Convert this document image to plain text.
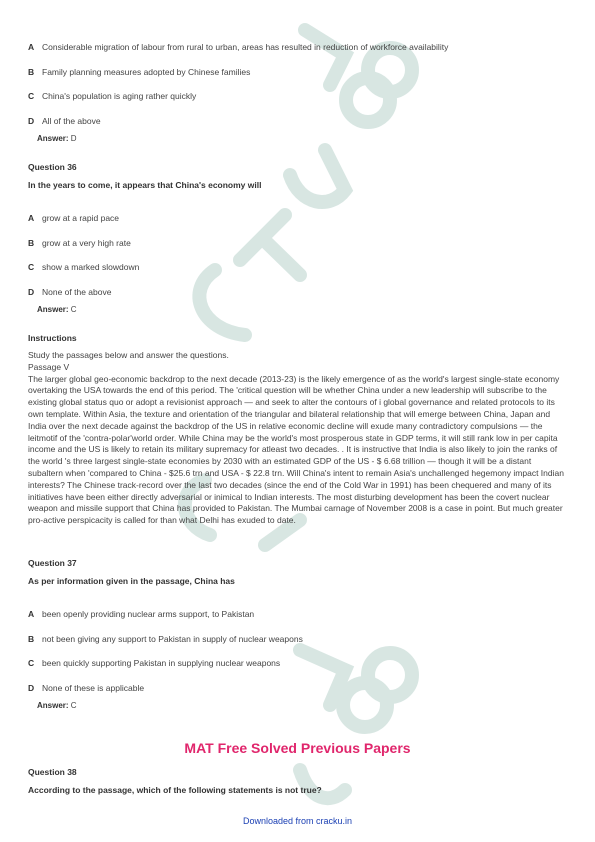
A Considerable migration of labour from rural to urban, areas has resulted in reduction of workforce availability
B Family planning measures adopted by Chinese families
C China's population is aging rather quickly
D All of the above
Answer: D
Question 36
In the years to come, it appears that China's economy will
A grow at a rapid pace
B grow at a very high rate
C show a marked slowdown
D None of the above
Answer: C
Instructions

Study the passages below and answer the questions.

Passage V

The larger global geo-economic backdrop to the next decade (2013-23) is the likely emergence of as the world's largest single-state economy overtaking the USA towards the end of this period. The 'critical question will be whether China under a new leadership will subscribe to the existing global status quo or adopt a revisionist approach — and seek to alter the contours of i global governance and related protocols to its own template. Within Asia, the texture and orientation of the triangular and bilateral relationship that will emerge between China, Japan and India over the next decade against the backdrop of the US in relative economic decline will exude many contradictory compulsions — the leitmotif of the 'contra-polar'world order. While China may be the world's most prosperous state in GDP terms, it will still rank low in per capita income and the US is likely to retain its military supremacy for atleast two decades. . It is instructive that India is also likely to join the ranks of the world 's three largest single-state economies by 2030 with an estimated GDP of the US - $ 6.68 trillion — though it will be a distant subaltern when 'compared to China - $25.6 trn and USA - $ 22.8 trn. Will China's intent to remain Asia's unchallenged hegemony impact Indian interests? The Chinese track-record over the last two decades (since the end of the Cold War in 1991) has been chequered and many of its initiatives have been either directly adversarial or inimical to Indian interests. The most disturbing development has been the covert nuclear weapon and missile support that China has provided to Pakistan. The Mumbai carnage of November 2008 is a case in point. But much greater pro-active perspicacity is called for than what Delhi has exuded to date.

Question 37
As per information given in the passage, China has
A been openly providing nuclear arms support, to Pakistan
B not been giving any support to Pakistan in supply of nuclear weapons
C been quickly supporting Pakistan in supplying nuclear weapons
D None of these is applicable
Answer: C
MAT Free Solved Previous Papers
Question 38
According to the passage, which of the following statements is not true?
Downloaded from cracku.in
